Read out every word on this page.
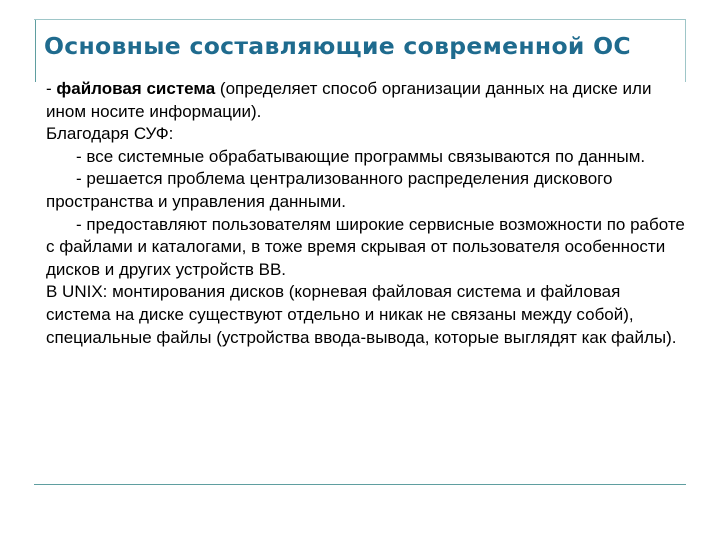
Основные составляющие современной ОС

- файловая система (определяет способ организации данных на диске или ином носите информации).

Благодаря СУФ:

- все системные обрабатывающие программы связываются по данным.

- решается проблема централизованного распределения дискового пространства и управления данными.

- предоставляют пользователям широкие сервисные возможности по работе с файлами и каталогами, в тоже время скрывая от пользователя особенности дисков и других устройств ВВ.

В UNIX: монтирования дисков (корневая файловая система и файловая система на диске существуют отдельно и никак не связаны между собой), специальные файлы (устройства ввода-вывода, которые выглядят как файлы).
